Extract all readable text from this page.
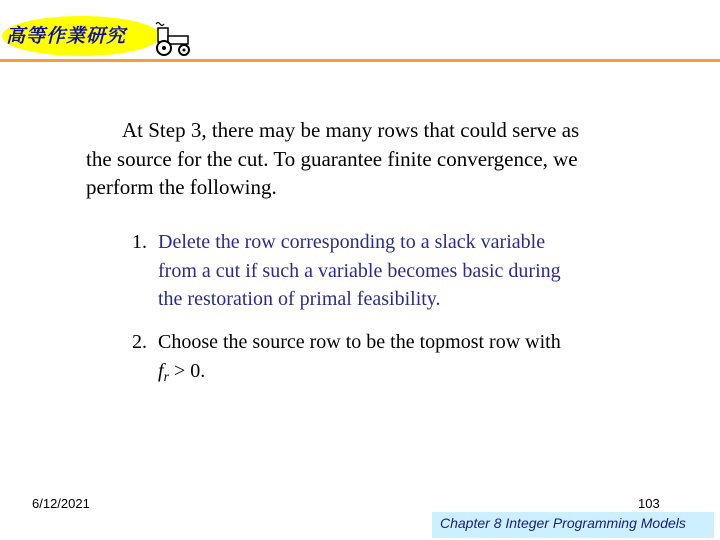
高等作業研究
At Step 3, there may be many rows that could serve as
the source for the cut. To guarantee finite convergence, we
perform the following.
1. Delete the row corresponding to a slack variable
from a cut if such a variable becomes basic during
the restoration of primal feasibility.
2. Choose the source row to be the topmost row with
$f_r > 0$.
6/12/2021	103
Chapter 8 Integer Programming Models
